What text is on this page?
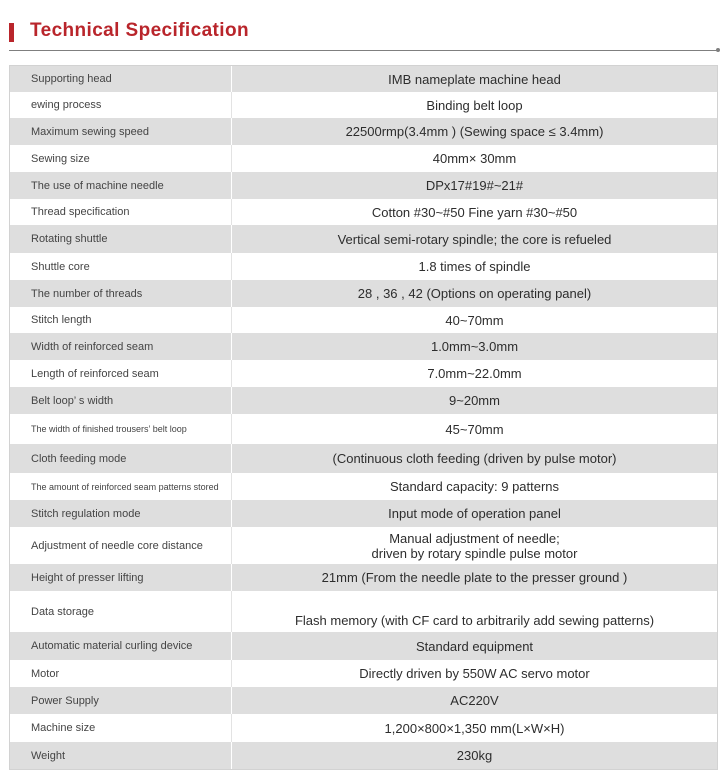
Technical Specification
Supporting head	IMB nameplate machine head

ewing process	Binding belt loop

Maximum sewing speed	22500rmp(3.4mm ) (Sewing space ≤ 3.4mm)

Sewing size	40mm× 30mm

The use of machine needle	DPx17#19#~21#

Thread specification	Cotton #30~#50 Fine yarn #30~#50

Rotating shuttle	Vertical semi-rotary spindle; the core is refueled

Shuttle core	1.8 times of spindle

The number of threads	28 , 36 , 42 (Options on operating panel)

Stitch length	40~70mm

Width of reinforced seam	1.0mm~3.0mm

Length of reinforced seam	7.0mm~22.0mm

Belt loop’ s width	9~20mm

The width of finished trousers’ belt loop	45~70mm

Cloth feeding mode	(Continuous cloth feeding (driven by pulse motor)

The amount of reinforced seam patterns stored	Standard capacity: 9 patterns

Stitch regulation mode	Input mode of operation panel

Adjustment of needle core distance	Manual adjustment of needle;
driven by rotary spindle pulse motor

Height of presser lifting	21mm (From the needle plate to the presser ground )

Data storage	Flash memory (with CF card to arbitrarily add sewing patterns)

Automatic material curling device	Standard equipment

Motor	Directly driven by 550W AC servo motor

Power Supply	AC220V

Machine size	1,200×800×1,350 mm(L×W×H)

Weight	230kg
